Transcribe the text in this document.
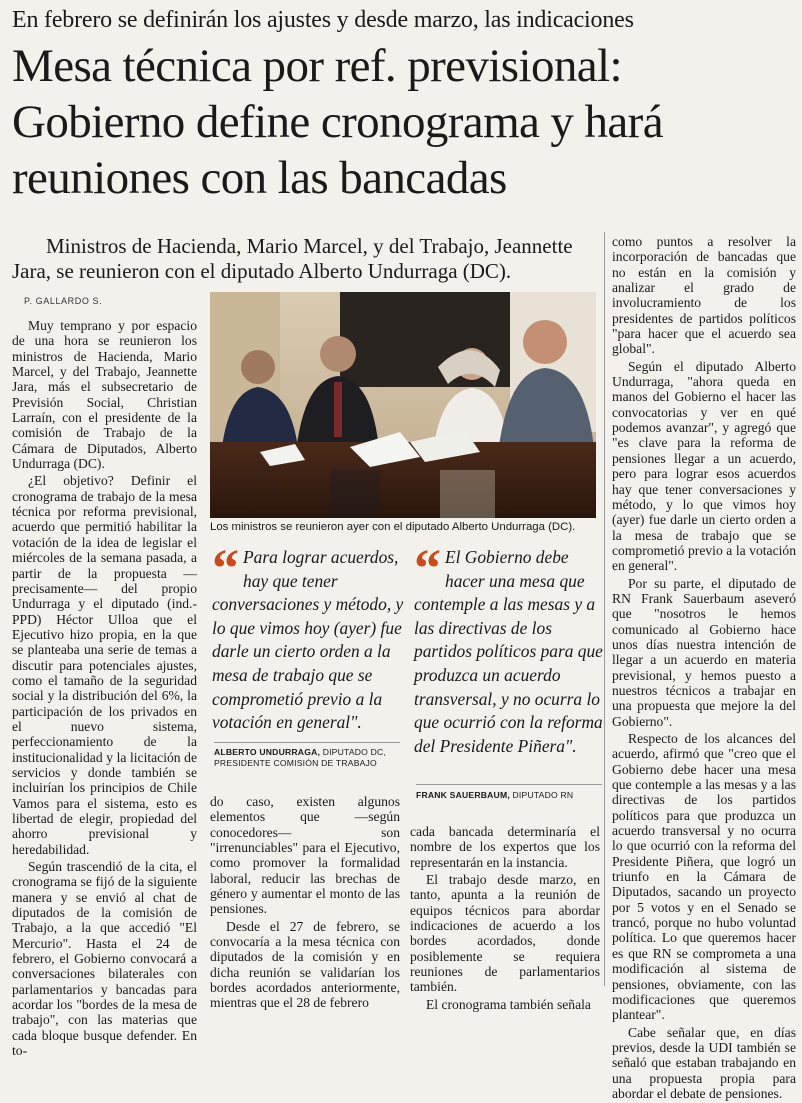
En febrero se definirán los ajustes y desde marzo, las indicaciones
Mesa técnica por ref. previsional:
Gobierno define cronograma y hará
reuniones con las bancadas
Ministros de Hacienda, Mario Marcel, y del Trabajo, Jeannette Jara, se reunieron con el diputado Alberto Undurraga (DC).
P. GALLARDO S.

Muy temprano y por espacio de una hora se reunieron los ministros de Hacienda, Mario Marcel, y del Trabajo, Jeannette Jara, más el subsecretario de Previsión Social, Christian Larraín, con el presidente de la comisión de Trabajo de la Cámara de Diputados, Alberto Undurraga (DC).

¿El objetivo? Definir el cronograma de trabajo de la mesa técnica por reforma previsional, acuerdo que permitió habilitar la votación de la idea de legislar el miércoles de la semana pasada, a partir de la propuesta —precisamente— del propio Undurraga y el diputado (ind.-PPD) Héctor Ulloa que el Ejecutivo hizo propia, en la que se planteaba una serie de temas a discutir para potenciales ajustes, como el tamaño de la seguridad social y la distribución del 6%, la participación de los privados en el nuevo sistema, perfeccionamiento de la institucionalidad y la licitación de servicios y donde también se incluirían los principios de Chile Vamos para el sistema, esto es libertad de elegir, propiedad del ahorro previsional y heredabilidad.

Según trascendió de la cita, el cronograma se fijó de la siguiente manera y se envió al chat de diputados de la comisión de Trabajo, a la que accedió "El Mercurio". Hasta el 24 de febrero, el Gobierno convocará a conversaciones bilaterales con parlamentarios y bancadas para acordar los "bordes de la mesa de trabajo", con las materias que cada bloque busque defender. En to-

Los ministros se reunieron ayer con el diputado Alberto Undurraga (DC).
“ Para lograr acuerdos, hay que tener conversaciones y método, y lo que vimos hoy (ayer) fue darle un cierto orden a la mesa de trabajo que se comprometió previo a la votación en general".
ALBERTO UNDURRAGA, DIPUTADO DC, PRESIDENTE COMISIÓN DE TRABAJO
“ El Gobierno debe hacer una mesa que contemple a las mesas y a las directivas de los partidos políticos para que produzca un acuerdo transversal, y no ocurra lo que ocurrió con la reforma del Presidente Piñera".
FRANK SAUERBAUM, DIPUTADO RN

do caso, existen algunos elementos que —según conocedores— son "irrenunciables" para el Ejecutivo, como promover la formalidad laboral, reducir las brechas de género y aumentar el monto de las pensiones.

Desde el 27 de febrero, se convocaría a la mesa técnica con diputados de la comisión y en dicha reunión se validarían los bordes acordados anteriormente, mientras que el 28 de febrero

cada bancada determinaría el nombre de los expertos que los representarán en la instancia.

El trabajo desde marzo, en tanto, apunta a la reunión de equipos técnicos para abordar indicaciones de acuerdo a los bordes acordados, donde posiblemente se requiera reuniones de parlamentarios también.

El cronograma también señala

como puntos a resolver la incorporación de bancadas que no están en la comisión y analizar el grado de involucramiento de los presidentes de partidos políticos "para hacer que el acuerdo sea global".

Según el diputado Alberto Undurraga, "ahora queda en manos del Gobierno el hacer las convocatorias y ver en qué podemos avanzar", y agregó que "es clave para la reforma de pensiones llegar a un acuerdo, pero para lograr esos acuerdos hay que tener conversaciones y método, y lo que vimos hoy (ayer) fue darle un cierto orden a la mesa de trabajo que se comprometió previo a la votación en general".

Por su parte, el diputado de RN Frank Sauerbaum aseveró que "nosotros le hemos comunicado al Gobierno hace unos días nuestra intención de llegar a un acuerdo en materia previsional, y hemos puesto a nuestros técnicos a trabajar en una propuesta que mejore la del Gobierno".

Respecto de los alcances del acuerdo, afirmó que "creo que el Gobierno debe hacer una mesa que contemple a las mesas y a las directivas de los partidos políticos para que produzca un acuerdo transversal y no ocurra lo que ocurrió con la reforma del Presidente Piñera, que logró un triunfo en la Cámara de Diputados, sacando un proyecto por 5 votos y en el Senado se trancó, porque no hubo voluntad política. Lo que queremos hacer es que RN se comprometa a una modificación al sistema de pensiones, obviamente, con las modificaciones que queremos plantear".

Cabe señalar que, en días previos, desde la UDI también se señaló que estaban trabajando en una propuesta propia para abordar el debate de pensiones.
